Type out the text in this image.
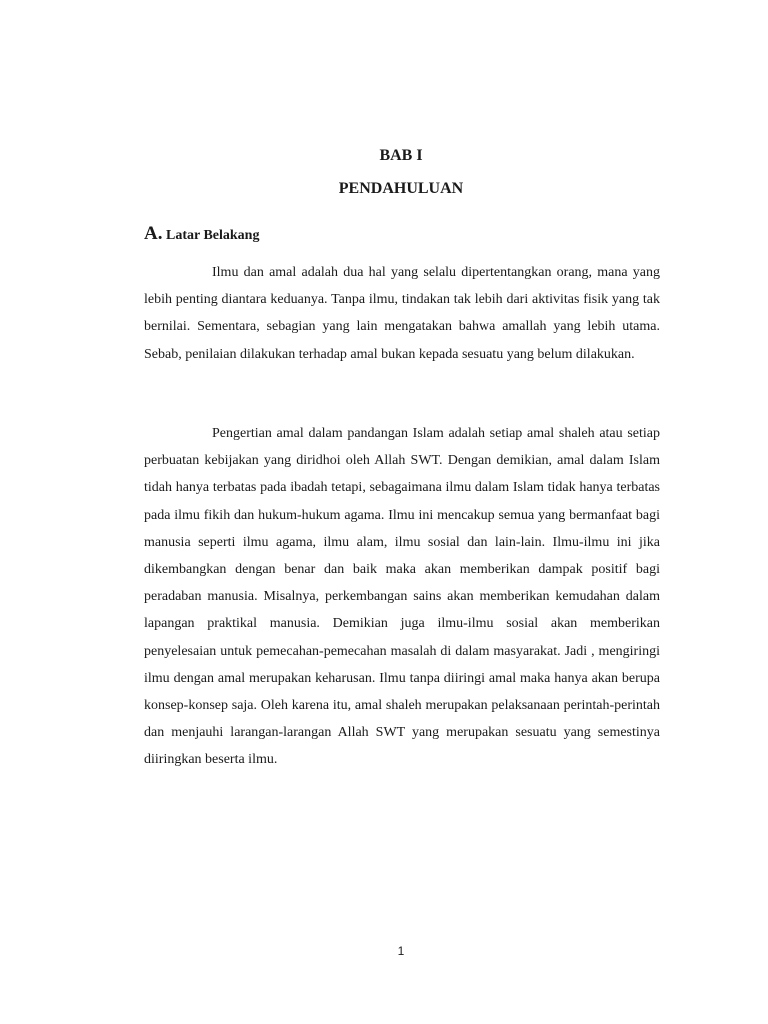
BAB I
PENDAHULUAN
A. Latar Belakang

Ilmu dan amal adalah dua hal yang selalu dipertentangkan orang, mana yang lebih penting diantara keduanya. Tanpa ilmu, tindakan tak lebih dari aktivitas fisik yang tak bernilai. Sementara, sebagian yang lain mengatakan bahwa amallah yang lebih utama. Sebab, penilaian dilakukan terhadap amal bukan kepada sesuatu yang belum dilakukan.

Pengertian amal dalam pandangan Islam adalah setiap amal shaleh atau setiap perbuatan kebijakan yang diridhoi oleh Allah SWT. Dengan demikian, amal dalam Islam tidah hanya terbatas pada ibadah tetapi, sebagaimana ilmu dalam Islam tidak hanya terbatas pada ilmu fikih dan hukum-hukum agama. Ilmu ini mencakup semua yang bermanfaat bagi manusia seperti ilmu agama, ilmu alam, ilmu sosial dan lain-lain. Ilmu-ilmu ini jika dikembangkan dengan benar dan baik maka akan memberikan dampak positif bagi peradaban manusia. Misalnya, perkembangan sains akan memberikan kemudahan dalam lapangan praktikal manusia. Demikian juga ilmu-ilmu sosial akan memberikan penyelesaian untuk pemecahan-pemecahan masalah di dalam masyarakat. Jadi , mengiringi ilmu dengan amal merupakan keharusan. Ilmu tanpa diiringi amal maka hanya akan berupa konsep-konsep saja. Oleh karena itu, amal shaleh merupakan pelaksanaan perintah-perintah dan menjauhi larangan-larangan Allah SWT yang merupakan sesuatu yang semestinya diiringkan beserta ilmu.

1
